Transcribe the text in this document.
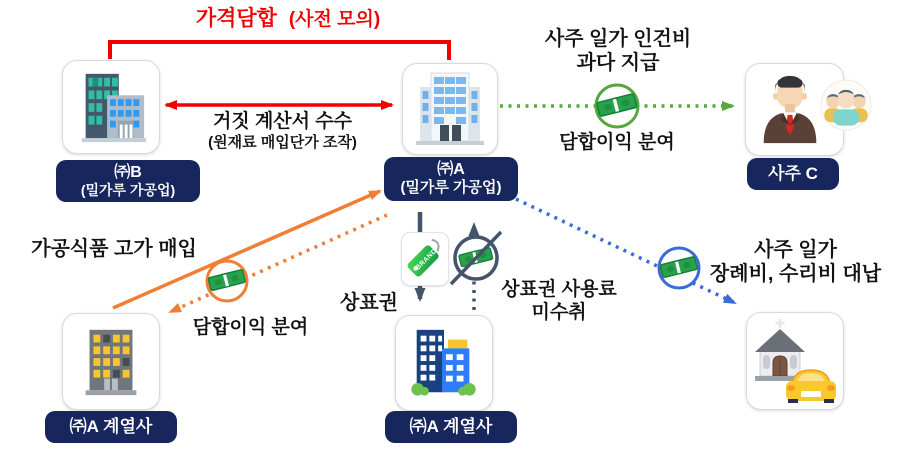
가격담합 (사전 모의)
거짓 계산서 수수
(원재료 매입단가 조작)
사주 일가 인건비
과다 지급
담합이익 분여
가공식품 고가 매입
담합이익 분여
상표권
상표권 사용료
미수취
사주 일가
장례비, 수리비 대납
㈜B
(밀가루 가공업)
㈜A
(밀가루 가공업)
사주 C
㈜A 계열사
BRAND
㈜A 계열사
